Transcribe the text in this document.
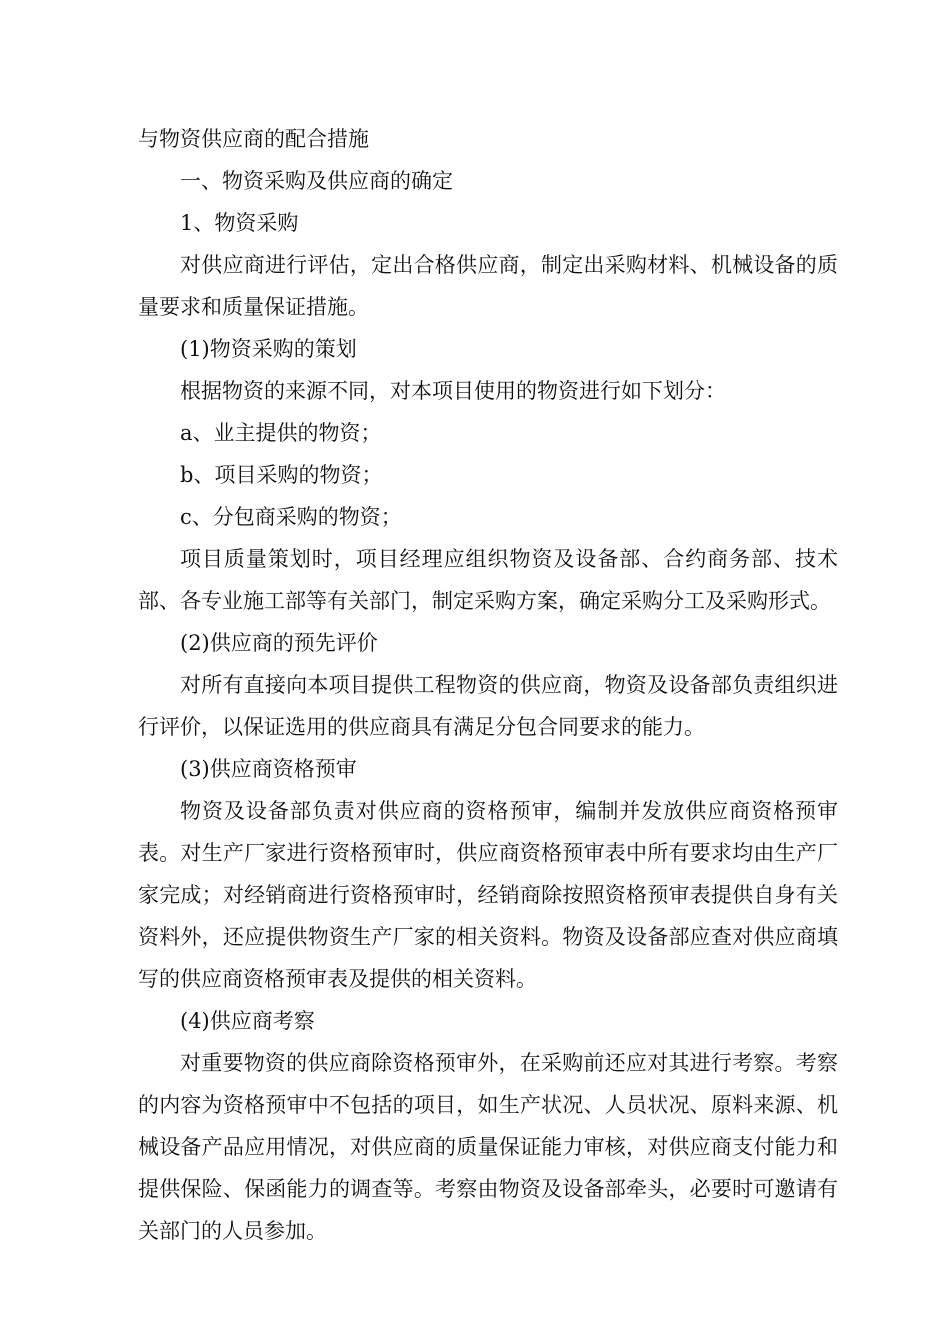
与物资供应商的配合措施

一、物资采购及供应商的确定

1、物资采购

对供应商进行评估，定出合格供应商，制定出采购材料、机械设备的质量要求和质量保证措施。

(1)物资采购的策划

根据物资的来源不同，对本项目使用的物资进行如下划分：

a、业主提供的物资；

b、项目采购的物资；

c、分包商采购的物资；

项目质量策划时，项目经理应组织物资及设备部、合约商务部、技术部、各专业施工部等有关部门，制定采购方案，确定采购分工及采购形式。

(2)供应商的预先评价

对所有直接向本项目提供工程物资的供应商，物资及设备部负责组织进行评价，以保证选用的供应商具有满足分包合同要求的能力。

(3)供应商资格预审

物资及设备部负责对供应商的资格预审，编制并发放供应商资格预审表。对生产厂家进行资格预审时，供应商资格预审表中所有要求均由生产厂家完成；对经销商进行资格预审时，经销商除按照资格预审表提供自身有关资料外，还应提供物资生产厂家的相关资料。物资及设备部应查对供应商填写的供应商资格预审表及提供的相关资料。

(4)供应商考察

对重要物资的供应商除资格预审外，在采购前还应对其进行考察。考察的内容为资格预审中不包括的项目，如生产状况、人员状况、原料来源、机械设备产品应用情况，对供应商的质量保证能力审核，对供应商支付能力和提供保险、保函能力的调查等。考察由物资及设备部牵头，必要时可邀请有关部门的人员参加。
